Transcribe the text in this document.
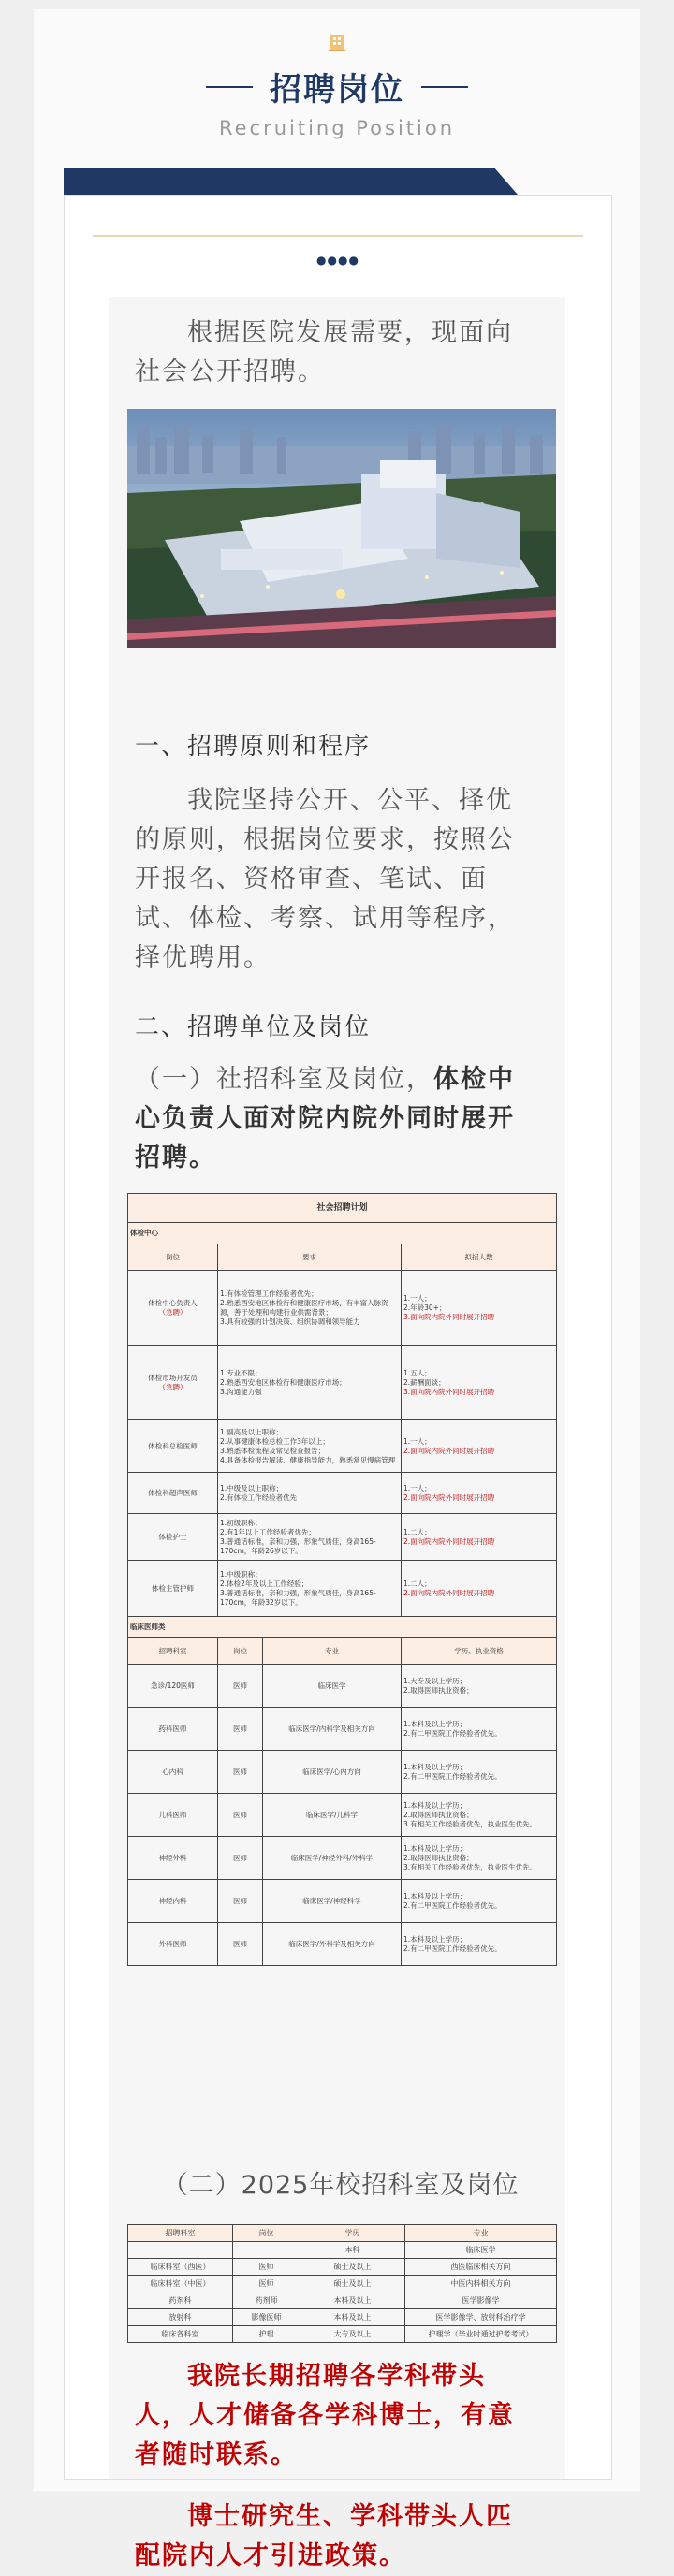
招聘岗位
Recruiting Position
●●●●
根据医院发展需要，现面向社会公开招聘。
一、招聘原则和程序
我院坚持公开、公平、择优的原则，根据岗位要求，按照公开报名、资格审查、笔试、面试、体检、考察、试用等程序，择优聘用。
二、招聘单位及岗位
（一）社招科室及岗位，体检中心负责人面对院内院外同时展开招聘。
社会招聘计划		
体检中心		
岗位	要求	拟招人数
体检中心负责人
（急聘）	1.有体检管理工作经验者优先；
2.熟悉西安地区体检行和健康医疗市场，有丰富人脉资源，善于处理和构建行业供需背景；
3.具有较强的计划决策、组织协调和领导能力	1.一人；
2.年龄30+；
3.面向院内院外同时展开招聘
体检市场开发员
（急聘）	1.专业不限；
2.熟悉西安地区体检行和健康医疗市场；
3.沟通能力强	1.五人；
2.薪酬面谈；
3.面向院内院外同时展开招聘
体检科总检医师	1.副高及以上职称；
2.从事健康体检总检工作3年以上；
3.熟悉体检流程及常见检查报告；
4.具备体检报告解读、健康指导能力，熟悉常见慢病管理	1.一人；
2.面向院内院外同时展开招聘
体检科超声医师	1.中级及以上职称；
2.有体检工作经验者优先	1.一人；
2.面向院内院外同时展开招聘
体检护士	1.初级职称；
2.有1年以上工作经验者优先；
3.普通话标准，亲和力强，形象气质佳，身高165-170cm，年龄26岁以下。	1.二人；
2.面向院内院外同时展开招聘
体检主管护师	1.中级职称；
2.体检2年及以上工作经验；
3.普通话标准，亲和力强，形象气质佳，身高165-170cm，年龄32岁以下。	1.二人；
2.面向院内院外同时展开招聘
临床医师类			
招聘科室	岗位	专业	学历、执业资格
急诊/120医师	医师	临床医学	1.大专及以上学历；
2.取得医师执业资格；
药科医师	医师	临床医学/内科学及相关方向	1.本科及以上学历；
2.有二甲医院工作经验者优先。
心内科	医师	临床医学/心内方向	1.本科及以上学历；
2.有二甲医院工作经验者优先。
儿科医师	医师	临床医学/儿科学	1.本科及以上学历；
2.取得医师执业资格；
3.有相关工作经验者优先，执业医生优先。
神经外科	医师	临床医学/神经外科/外科学	1.本科及以上学历；
2.取得医师执业资格；
3.有相关工作经验者优先，执业医生优先。
神经内科	医师	临床医学/神经科学	1.本科及以上学历；
2.有二甲医院工作经验者优先。
外科医师	医师	临床医学/外科学及相关方向	1.本科及以上学历；
2.有二甲医院工作经验者优先。
（二）2025年校招科室及岗位
招聘科室	岗位	学历	专业
		本科	临床医学
临床科室（西医）	医师	硕士及以上	西医临床相关方向
临床科室（中医）	医师	硕士及以上	中医内科相关方向
药剂科	药剂师	本科及以上	医学影像学
放射科	影像医师	本科及以上	医学影像学、放射科治疗学
临床各科室	护理	大专及以上	护理学（毕业时通过护考考试）
我院长期招聘各学科带头人，人才储备各学科博士，有意者随时联系。
博士研究生、学科带头人匹配院内人才引进政策。
